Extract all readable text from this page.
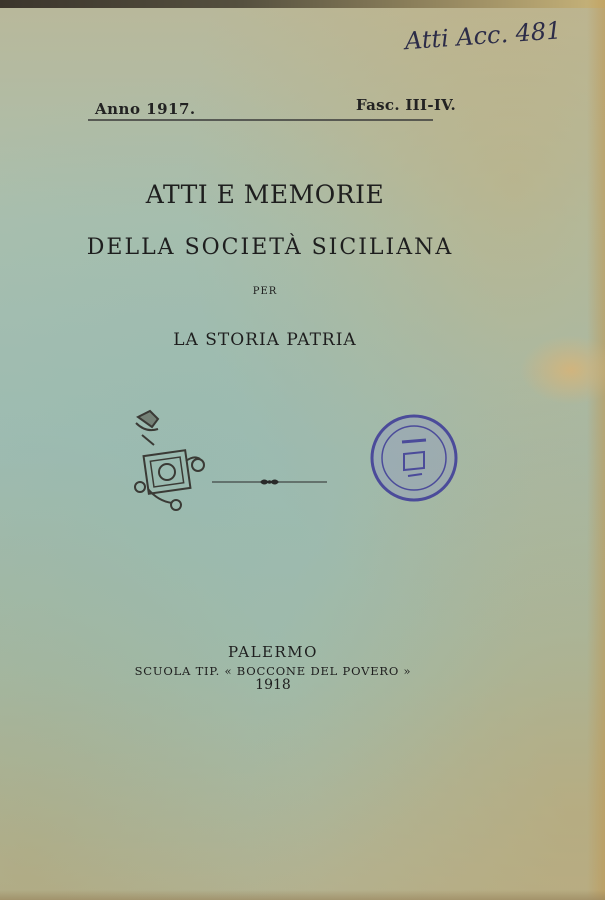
Atti Acc. 481
Anno 1917.	Fasc. III-IV.
ATTI E MEMORIE
DELLA SOCIETÀ SICILIANA
PER
LA STORIA PATRIA
PALERMO
SCUOLA TIP. « BOCCONE DEL POVERO »
1918
